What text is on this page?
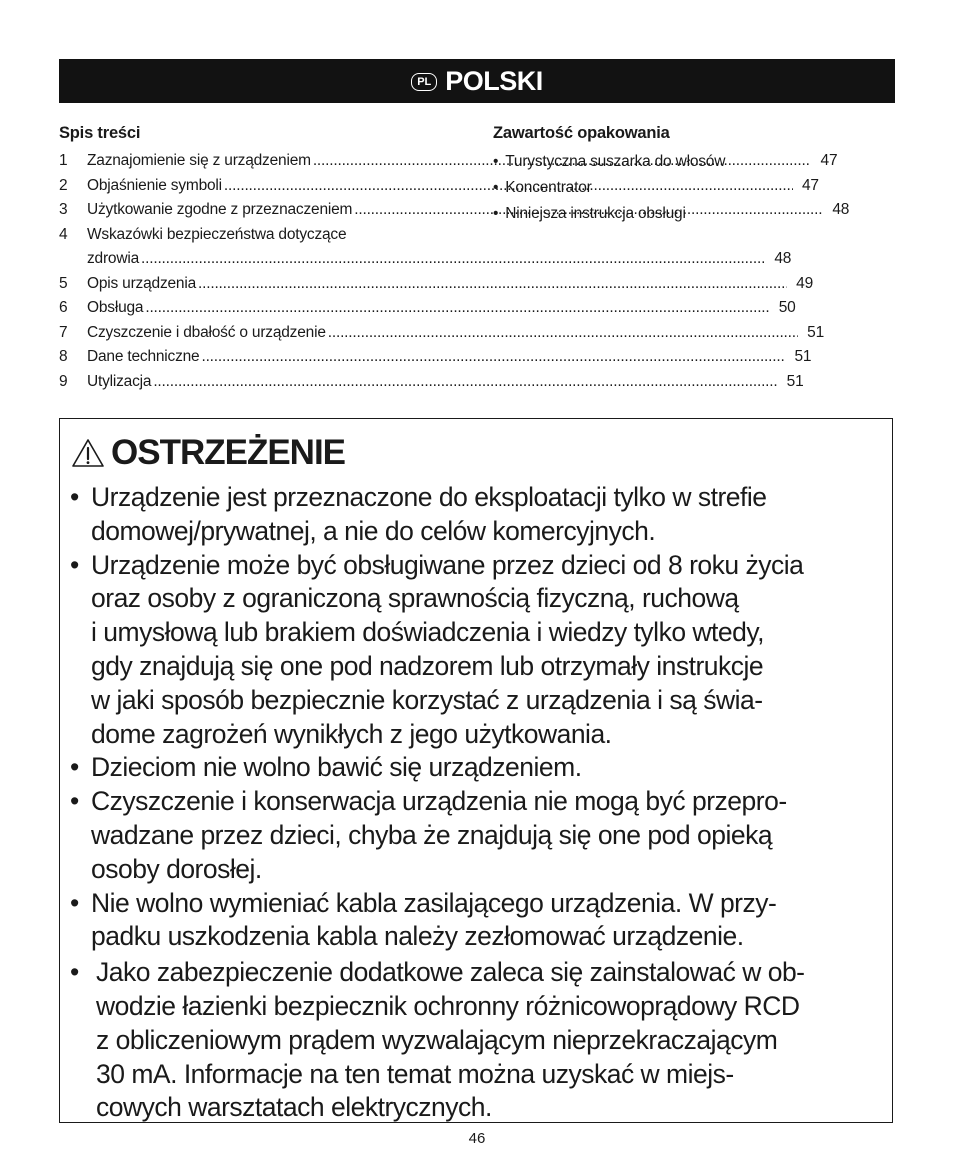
PL POLSKI
Spis treści
1	Zaznajomienie się z urządzeniem .....	47
2	Objaśnienie symboli .....	47
3	Użytkowanie zgodne z przeznaczeniem .....	48
4	Wskazówki bezpieczeństwa dotyczące
zdrowia .....	48
5	Opis urządzenia .....	49
6	Obsługa .....	50
7	Czyszczenie i dbałość o urządzenie .....	51
8	Dane techniczne .....	51
9	Utylizacja .....	51
Zawartość opakowania
• Turystyczna suszarka do włosów
• Koncentrator
• Niniejsza instrukcja obsługi
OSTRZEŻENIE
• Urządzenie jest przeznaczone do eksploatacji tylko w strefie
domowej/prywatnej, a nie do celów komercyjnych.
• Urządzenie może być obsługiwane przez dzieci od 8 roku życia
oraz osoby z ograniczoną sprawnością fizyczną, ruchową
i umysłową lub brakiem doświadczenia i wiedzy tylko wtedy,
gdy znajdują się one pod nadzorem lub otrzymały instrukcje
w jaki sposób bezpiecznie korzystać z urządzenia i są świa-
dome zagrożeń wynikłych z jego użytkowania.
• Dzieciom nie wolno bawić się urządzeniem.
• Czyszczenie i konserwacja urządzenia nie mogą być przepro-
wadzane przez dzieci, chyba że znajdują się one pod opieką
osoby dorosłej.
• Nie wolno wymieniać kabla zasilającego urządzenia. W przy-
padku uszkodzenia kabla należy zezłomować urządzenie.
• Jako zabezpieczenie dodatkowe zaleca się zainstalować w ob-
wodzie łazienki bezpiecznik ochronny różnicowoprądowy RCD
z obliczeniowym prądem wyzwalającym nieprzekraczającym
30 mA. Informacje na ten temat można uzyskać w miejs-
cowych warsztatach elektrycznych.
46
